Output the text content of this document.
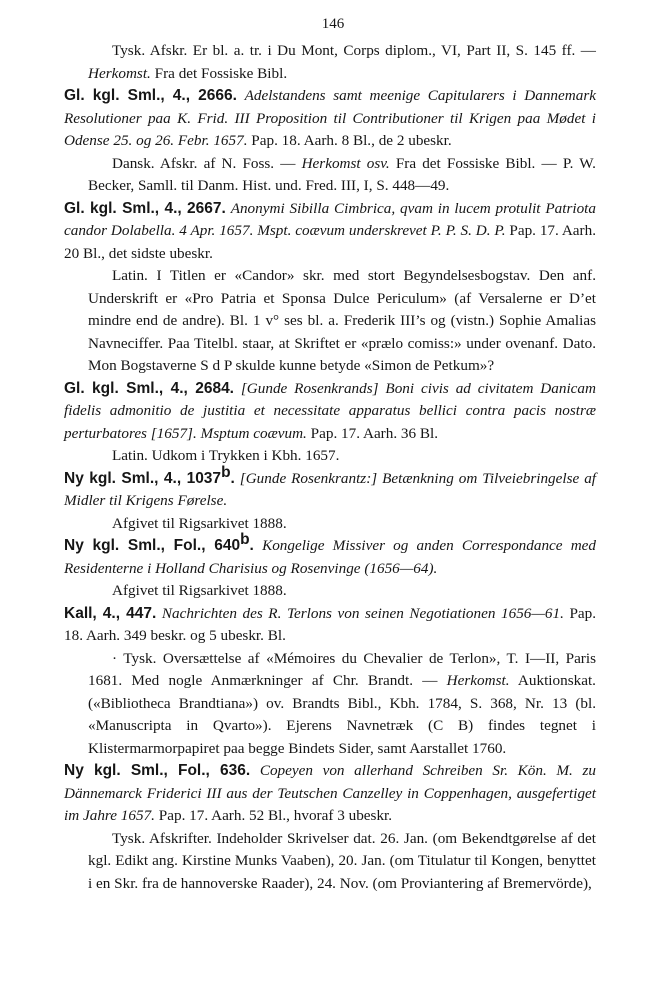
146
Tysk. Afskr. Er bl. a. tr. i Du Mont, Corps diplom., VI, Part II, S. 145 ff. — Herkomst. Fra det Fossiske Bibl.
Gl. kgl. Sml., 4., 2666. Adelstandens samt meenige Capitularers i Dannemark Resolutioner paa K. Frid. III Proposition til Contributioner til Krigen paa Mødet i Odense 25. og 26. Febr. 1657. Pap. 18. Aarh. 8 Bl., de 2 ubeskr.
Dansk. Afskr. af N. Foss. — Herkomst osv. Fra det Fossiske Bibl. — P. W. Becker, Samll. til Danm. Hist. und. Fred. III, I, S. 448—49.
Gl. kgl. Sml., 4., 2667. Anonymi Sibilla Cimbrica, qvam in lucem protulit Patriota candor Dolabella. 4 Apr. 1657. Mspt. coævum underskrevet P. P. S. D. P. Pap. 17. Aarh. 20 Bl., det sidste ubeskr.
Latin. I Titlen er «Candor» skr. med stort Begyndelsesbogstav. Den anf. Underskrift er «Pro Patria et Sponsa Dulce Periculum» (af Versalerne er D’et mindre end de andre). Bl. 1 v° ses bl. a. Frederik III’s og (vistn.) Sophie Amalias Navneciffer. Paa Titelbl. staar, at Skriftet er «prælo comiss:» under ovenanf. Dato. Mon Bogstaverne S d P skulde kunne betyde «Simon de Petkum»?
Gl. kgl. Sml., 4., 2684. [Gunde Rosenkrands] Boni civis ad civitatem Danicam fidelis admonitio de justitia et necessitate apparatus bellici contra pacis nostræ perturbatores [1657]. Msptum coævum. Pap. 17. Aarh. 36 Bl.
Latin. Udkom i Trykken i Kbh. 1657.
Ny kgl. Sml., 4., 1037$^b$. [Gunde Rosenkrantz:] Betænkning om Tilveiebringelse af Midler til Krigens Førelse.
Afgivet til Rigsarkivet 1888.
Ny kgl. Sml., Fol., 640$^b$. Kongelige Missiver og anden Correspondance med Residenterne i Holland Charisius og Rosenvinge (1656—64).
Afgivet til Rigsarkivet 1888.
Kall, 4., 447. Nachrichten des R. Terlons von seinen Negotiationen 1656—61. Pap. 18. Aarh. 349 beskr. og 5 ubeskr. Bl.
· Tysk. Oversættelse af «Mémoires du Chevalier de Terlon», T. I—II, Paris 1681. Med nogle Anmærkninger af Chr. Brandt. — Herkomst. Auktionskat. («Bibliotheca Brandtiana») ov. Brandts Bibl., Kbh. 1784, S. 368, Nr. 13 (bl. «Manuscripta in Qvarto»). Ejerens Navnetræk (C B) findes tegnet i Klistermarmorpapiret paa begge Bindets Sider, samt Aarstallet 1760.
Ny kgl. Sml., Fol., 636. Copeyen von allerhand Schreiben Sr. Kön. M. zu Dännemarck Friderici III aus der Teutschen Canzelley in Coppenhagen, ausgefertiget im Jahre 1657. Pap. 17. Aarh. 52 Bl., hvoraf 3 ubeskr.
Tysk. Afskrifter. Indeholder Skrivelser dat. 26. Jan. (om Bekendtgørelse af det kgl. Edikt ang. Kirstine Munks Vaaben), 20. Jan. (om Titulatur til Kongen, benyttet i en Skr. fra de hannoverske Raader), 24. Nov. (om Proviantering af Bremervörde),
